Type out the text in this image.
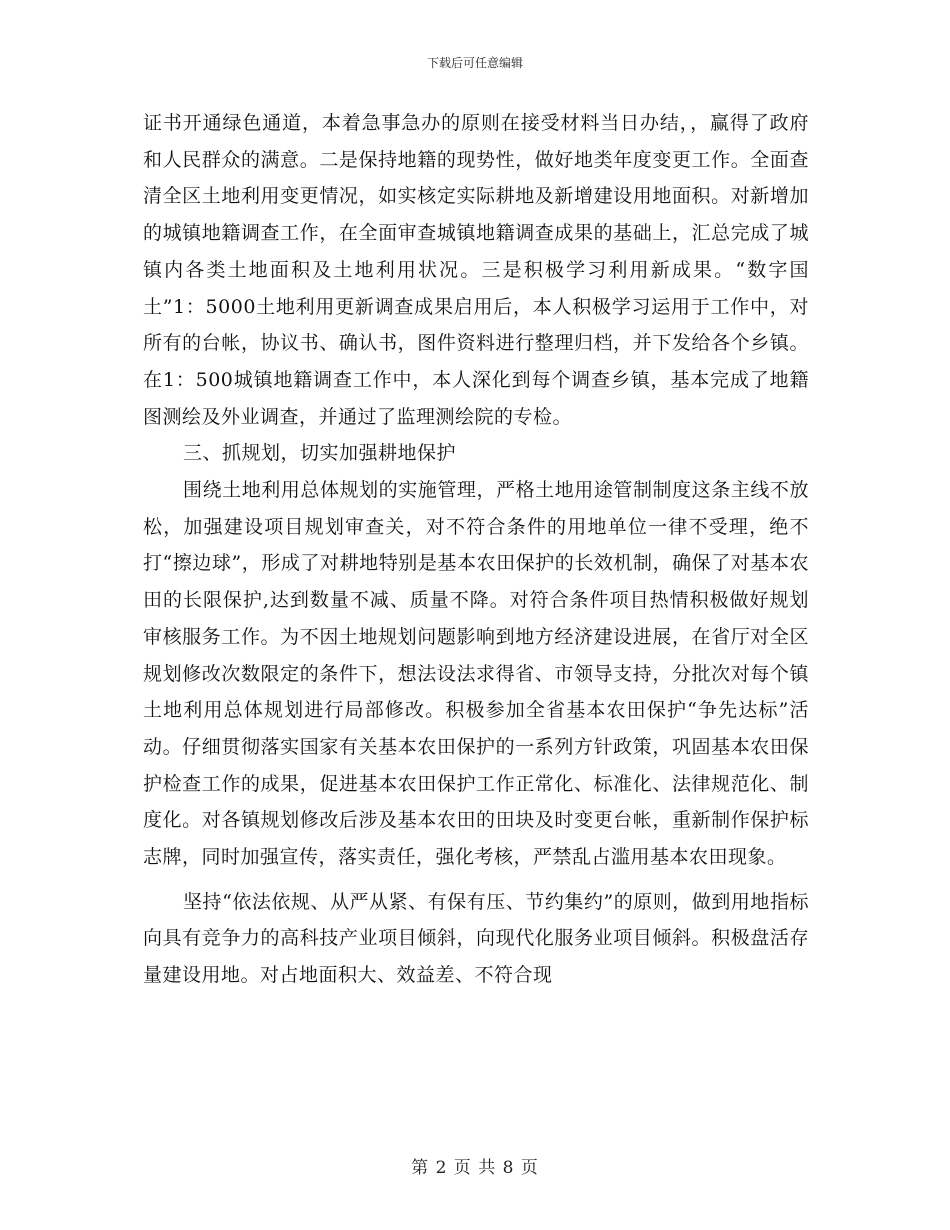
下载后可任意编辑

证书开通绿色通道，本着急事急办的原则在接受材料当日办结，，赢得了政府和人民群众的满意。二是保持地籍的现势性，做好地类年度变更工作。全面查清全区土地利用变更情况，如实核定实际耕地及新增建设用地面积。对新增加的城镇地籍调查工作，在全面审查城镇地籍调查成果的基础上，汇总完成了城镇内各类土地面积及土地利用状况。三是积极学习利用新成果。“数字国土”1：5000土地利用更新调查成果启用后，本人积极学习运用于工作中，对所有的台帐，协议书、确认书，图件资料进行整理归档，并下发给各个乡镇。在1：500城镇地籍调查工作中，本人深化到每个调查乡镇，基本完成了地籍图测绘及外业调查，并通过了监理测绘院的专检。

三、抓规划，切实加强耕地保护

围绕土地利用总体规划的实施管理，严格土地用途管制制度这条主线不放松，加强建设项目规划审查关，对不符合条件的用地单位一律不受理，绝不打“擦边球”，形成了对耕地特别是基本农田保护的长效机制，确保了对基本农田的长限保护,达到数量不减、质量不降。对符合条件项目热情积极做好规划审核服务工作。为不因土地规划问题影响到地方经济建设进展，在省厅对全区规划修改次数限定的条件下，想法设法求得省、市领导支持，分批次对每个镇土地利用总体规划进行局部修改。积极参加全省基本农田保护“争先达标”活动。仔细贯彻落实国家有关基本农田保护的一系列方针政策，巩固基本农田保护检查工作的成果，促进基本农田保护工作正常化、标准化、法律规范化、制度化。对各镇规划修改后涉及基本农田的田块及时变更台帐，重新制作保护标志牌，同时加强宣传，落实责任，强化考核，严禁乱占滥用基本农田现象。

坚持“依法依规、从严从紧、有保有压、节约集约”的原则，做到用地指标向具有竞争力的高科技产业项目倾斜，向现代化服务业项目倾斜。积极盘活存量建设用地。对占地面积大、效益差、不符合现

第 2 页 共 8 页
